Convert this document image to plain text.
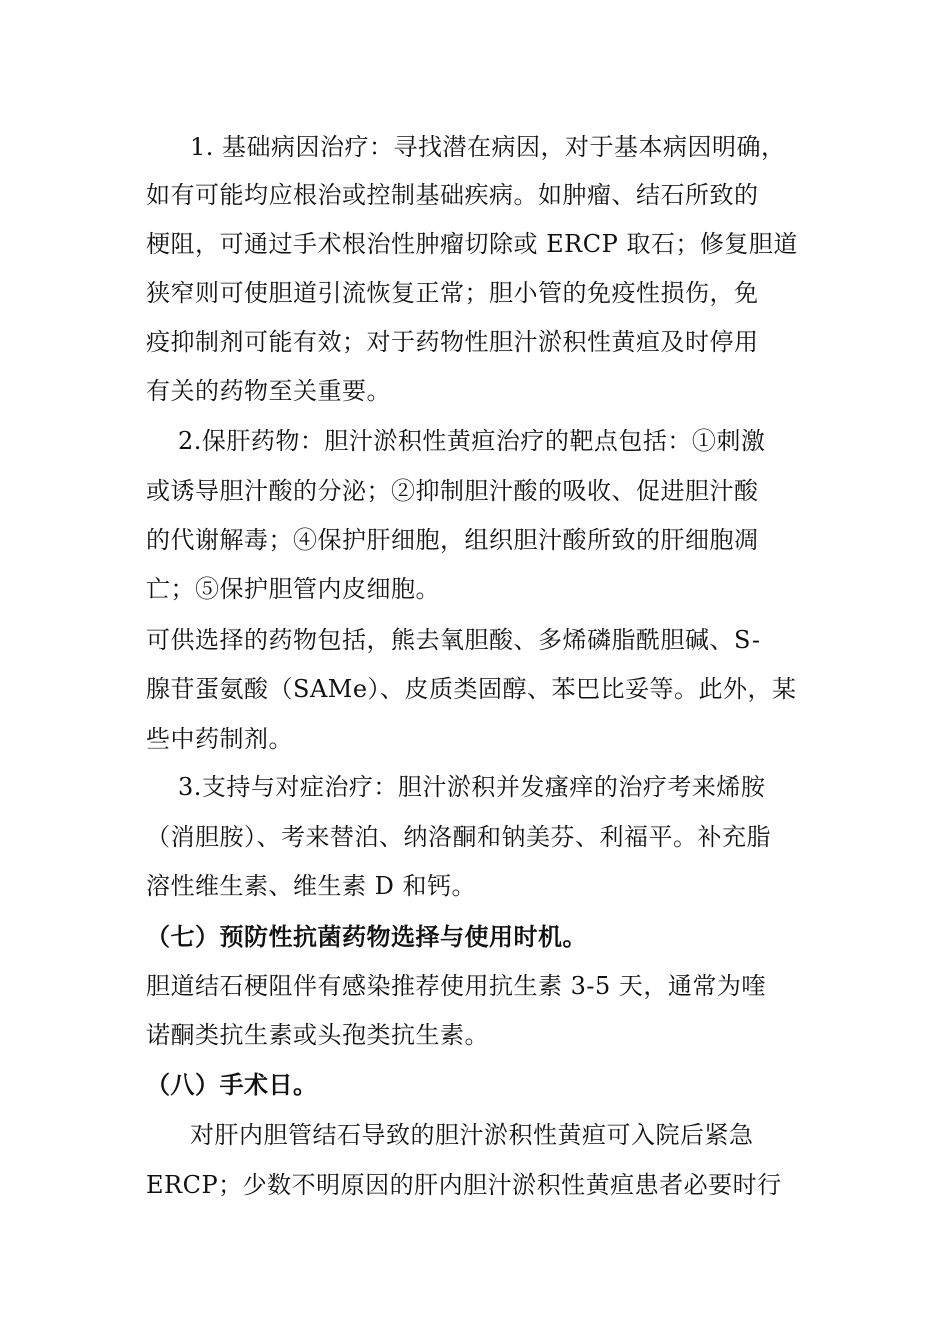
1. 基础病因治疗：寻找潜在病因，对于基本病因明确，
如有可能均应根治或控制基础疾病。如肿瘤、结石所致的
梗阻，可通过手术根治性肿瘤切除或 ERCP 取石；修复胆道
狭窄则可使胆道引流恢复正常；胆小管的免疫性损伤，免
疫抑制剂可能有效；对于药物性胆汁淤积性黄疸及时停用
有关的药物至关重要。
2.保肝药物：胆汁淤积性黄疸治疗的靶点包括：①刺激
或诱导胆汁酸的分泌；②抑制胆汁酸的吸收、促进胆汁酸
的代谢解毒；④保护肝细胞，组织胆汁酸所致的肝细胞凋
亡；⑤保护胆管内皮细胞。
可供选择的药物包括，熊去氧胆酸、多烯磷脂酰胆碱、S-
腺苷蛋氨酸（SAMe）、皮质类固醇、苯巴比妥等。此外，某
些中药制剂。
3.支持与对症治疗：胆汁淤积并发瘙痒的治疗考来烯胺
（消胆胺）、考来替泊、纳洛酮和钠美芬、利福平。补充脂
溶性维生素、维生素 D 和钙。
（七）预防性抗菌药物选择与使用时机。
胆道结石梗阻伴有感染推荐使用抗生素 3-5 天，通常为喹
诺酮类抗生素或头孢类抗生素。
（八）手术日。
对肝内胆管结石导致的胆汁淤积性黄疸可入院后紧急
ERCP；少数不明原因的肝内胆汁淤积性黄疸患者必要时行
